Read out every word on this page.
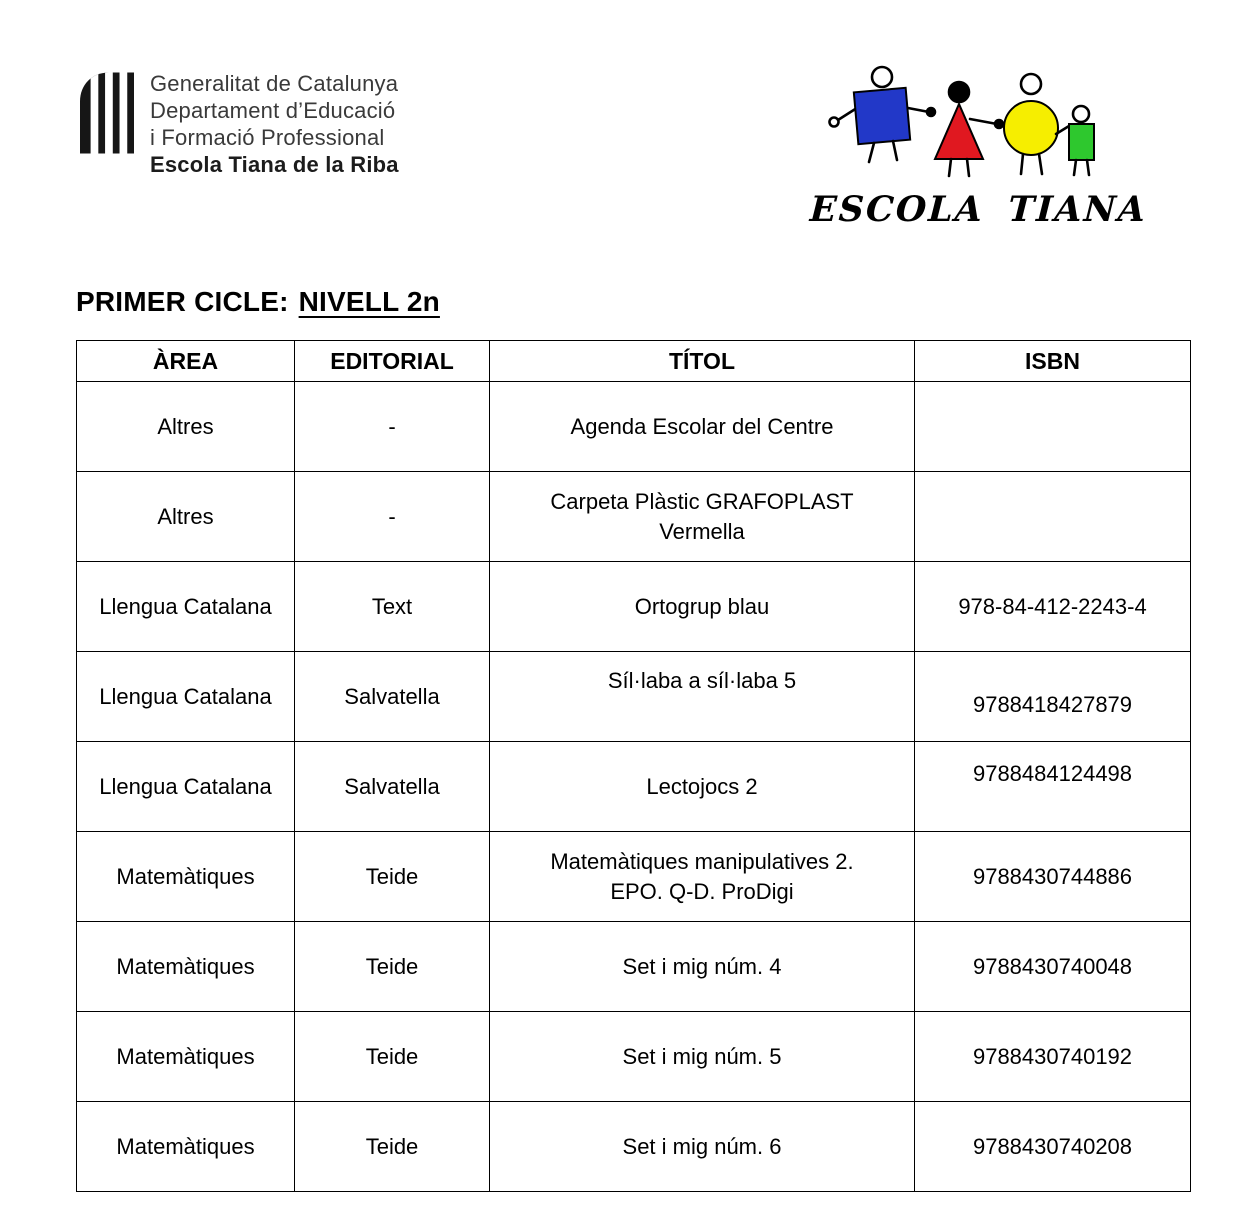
Generalitat de Catalunya
Departament d’Educació
i Formació Professional
Escola Tiana de la Riba
ESCOLA TIANA
PRIMER CICLE: NIVELL 2n
ÀREA	EDITORIAL	TÍTOL	ISBN
Altres	-	Agenda Escolar del Centre	
Altres	-	Carpeta Plàstic GRAFOPLAST Vermella	
Llengua Catalana	Text	Ortogrup blau	978-84-412-2243-4
Llengua Catalana	Salvatella	Síl·laba a síl·laba 5	9788418427879
Llengua Catalana	Salvatella	Lectojocs 2	9788484124498
Matemàtiques	Teide	Matemàtiques manipulatives 2. EPO. Q-D. ProDigi	9788430744886
Matemàtiques	Teide	Set i mig núm. 4	9788430740048
Matemàtiques	Teide	Set i mig núm. 5	9788430740192
Matemàtiques	Teide	Set i mig núm. 6	9788430740208
